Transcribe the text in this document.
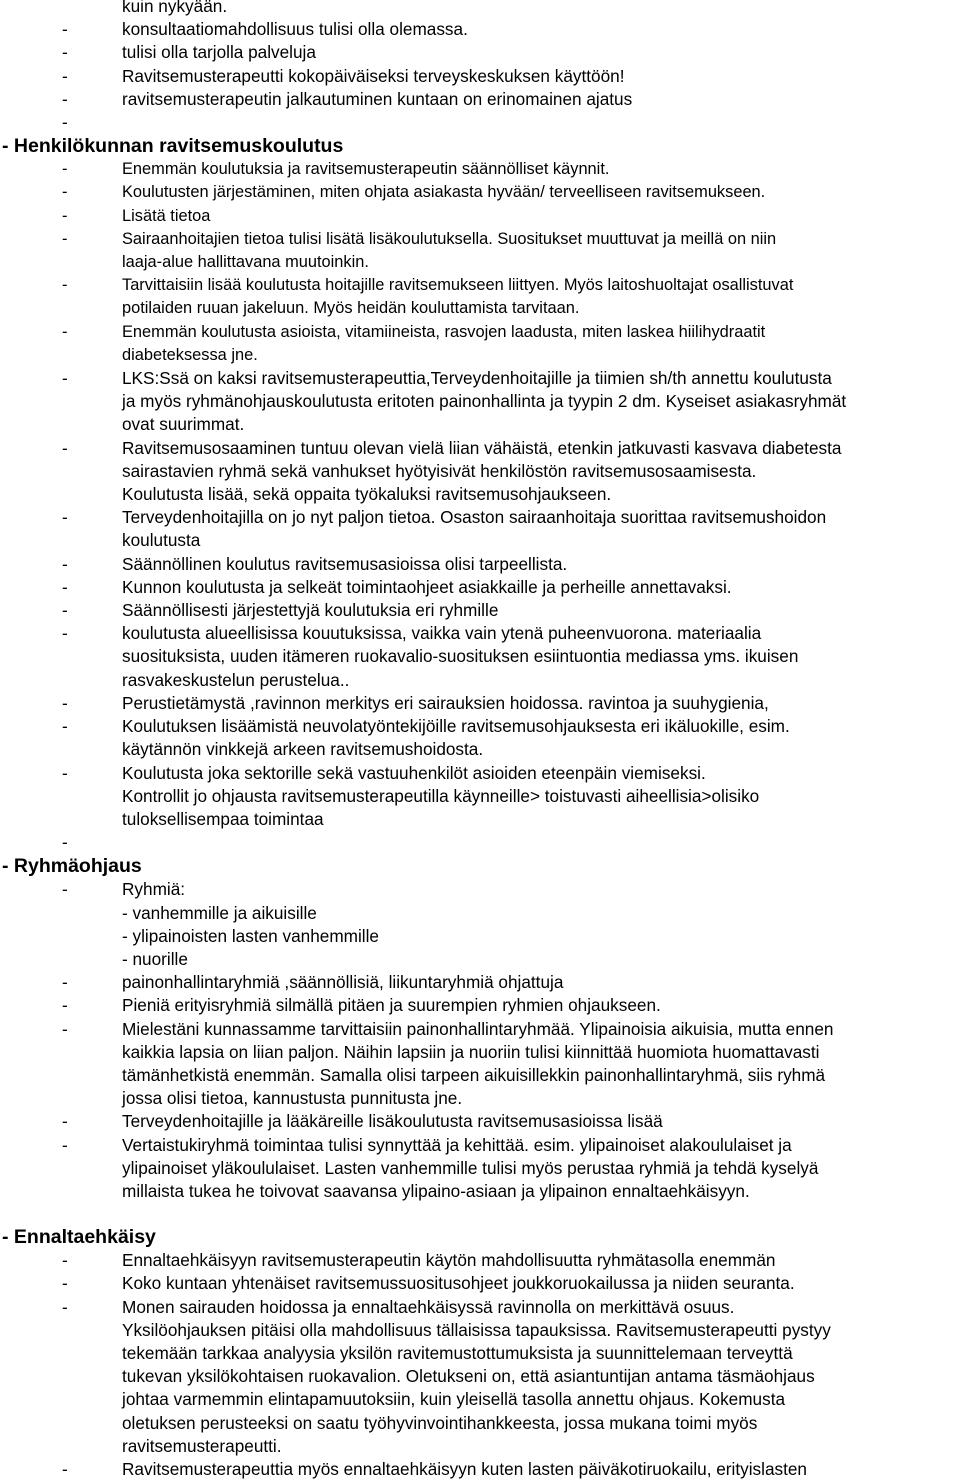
kuin nykyään.
-	konsultaatiomahdollisuus tulisi olla olemassa.
-	tulisi olla tarjolla palveluja
-	Ravitsemusterapeutti kokopäiväiseksi terveyskeskuksen käyttöön!
-	ravitsemusterapeutin jalkautuminen kuntaan on erinomainen ajatus
-

- Henkilökunnan ravitsemuskoulutus
-	Enemmän koulutuksia ja ravitsemusterapeutin säännölliset käynnit.
-	Koulutusten järjestäminen, miten ohjata asiakasta hyvään/ terveelliseen ravitsemukseen.
-	Lisätä tietoa
-	Sairaanhoitajien tietoa tulisi lisätä lisäkoulutuksella. Suositukset muuttuvat ja meillä on niin
laaja-alue hallittavana muutoinkin.
-	Tarvittaisiin lisää koulutusta hoitajille ravitsemukseen liittyen. Myös laitoshuoltajat osallistuvat
potilaiden ruuan jakeluun. Myös heidän kouluttamista tarvitaan.
-	Enemmän koulutusta asioista, vitamiineista, rasvojen laadusta, miten laskea hiilihydraatit
diabeteksessa jne.
-	LKS:Ssä on kaksi ravitsemusterapeuttia,Terveydenhoitajille ja tiimien sh/th annettu koulutusta
ja myös ryhmänohjauskoulutusta eritoten painonhallinta ja tyypin 2 dm. Kyseiset asiakasryhmät
ovat suurimmat.
-	Ravitsemusosaaminen tuntuu olevan vielä liian vähäistä, etenkin jatkuvasti kasvava diabetesta
sairastavien ryhmä sekä vanhukset hyötyisivät henkilöstön ravitsemusosaamisesta.
Koulutusta lisää, sekä oppaita työkaluksi ravitsemusohjaukseen.
-	Terveydenhoitajilla on jo nyt paljon tietoa. Osaston sairaanhoitaja suorittaa ravitsemushoidon
koulutusta
-	Säännöllinen koulutus ravitsemusasioissa olisi tarpeellista.
-	Kunnon koulutusta ja selkeät toimintaohjeet asiakkaille ja perheille annettavaksi.
-	Säännöllisesti järjestettyjä koulutuksia eri ryhmille
-	koulutusta alueellisissa kouutuksissa, vaikka vain ytenä puheenvuorona. materiaalia
suosituksista, uuden itämeren ruokavalio-suosituksen esiintuontia mediassa yms. ikuisen
rasvakeskustelun perustelua..
-	Perustietämystä ,ravinnon merkitys eri sairauksien hoidossa. ravintoa ja suuhygienia,
-	Koulutuksen lisäämistä neuvolatyöntekijöille ravitsemusohjauksesta eri ikäluokille, esim.
käytännön vinkkejä arkeen ravitsemushoidosta.
-	Koulutusta joka sektorille sekä vastuuhenkilöt asioiden eteenpäin viemiseksi.
Kontrollit jo ohjausta ravitsemusterapeutilla käynneille> toistuvasti aiheellisia>olisiko
tuloksellisempaa toimintaa
-

- Ryhmäohjaus
-	Ryhmiä:
- vanhemmille ja aikuisille
- ylipainoisten lasten vanhemmille
- nuorille
-	painonhallintaryhmiä ,säännöllisiä, liikuntaryhmiä ohjattuja
-	Pieniä erityisryhmiä silmällä pitäen ja suurempien ryhmien ohjaukseen.
-	Mielestäni kunnassamme tarvittaisiin painonhallintaryhmää. Ylipainoisia aikuisia, mutta ennen
kaikkia lapsia on liian paljon. Näihin lapsiin ja nuoriin tulisi kiinnittää huomiota huomattavasti
tämänhetkistä enemmän. Samalla olisi tarpeen aikuisillekkin painonhallintaryhmä, siis ryhmä
jossa olisi tietoa, kannustusta punnitusta jne.
-	Terveydenhoitajille ja lääkäreille lisäkoulutusta ravitsemusasioissa lisää
-	Vertaistukiryhmä toimintaa tulisi synnyttää ja kehittää. esim. ylipainoiset alakoululaiset ja
ylipainoiset yläkoululaiset. Lasten vanhemmille tulisi myös perustaa ryhmiä ja tehdä kyselyä
millaista tukea he toivovat saavansa ylipaino-asiaan ja ylipainon ennaltaehkäisyyn.
- Ennaltaehkäisy
-	Ennaltaehkäisyyn ravitsemusterapeutin käytön mahdollisuutta ryhmätasolla enemmän
-	Koko kuntaan yhtenäiset ravitsemussuositusohjeet joukkoruokailussa ja niiden seuranta.
-	Monen sairauden hoidossa ja ennaltaehkäisyssä ravinnolla on merkittävä osuus.
Yksilöohjauksen pitäisi olla mahdollisuus tällaisissa tapauksissa. Ravitsemusterapeutti pystyy
tekemään tarkkaa analyysia yksilön ravitemustottumuksista ja suunnittelemaan terveyttä
tukevan yksilökohtaisen ruokavalion. Oletukseni on, että asiantuntijan antama täsmäohjaus
johtaa varmemmin elintapamuutoksiin, kuin yleisellä tasolla annettu ohjaus. Kokemusta
oletuksen perusteeksi on saatu työhyvinvointihankkeesta, jossa mukana toimi myös
ravitsemusterapeutti.
-	Ravitsemusterapeuttia myös ennaltaehkäisyyn kuten lasten päiväkotiruokailu, erityislasten
